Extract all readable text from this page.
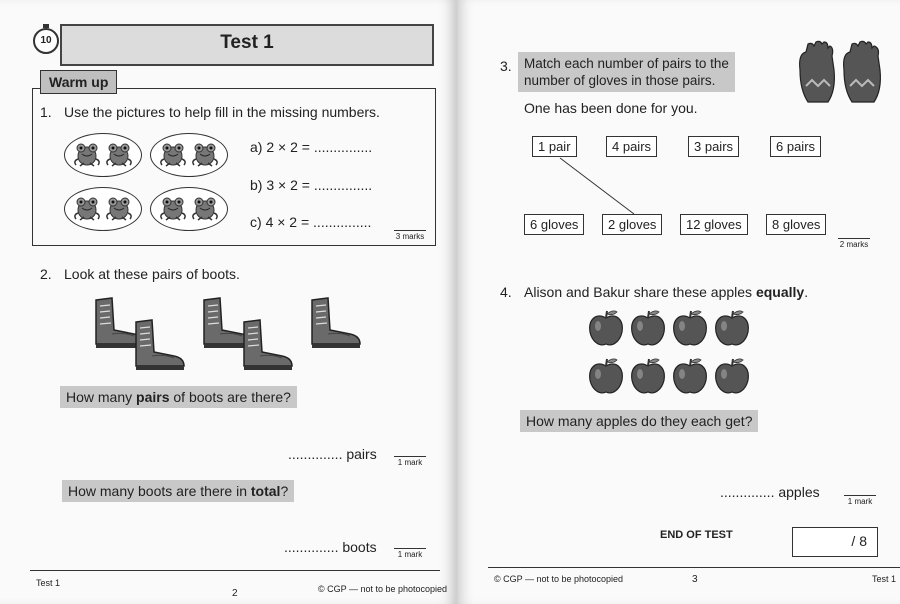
10	Test 1
Warm up
1. Use the pictures to help fill in the missing numbers.
a) 2 × 2 = ...............
b) 3 × 2 = ...............
c) 4 × 2 = ...............
3 marks
2. Look at these pairs of boots.
How many pairs of boots are there?
.............. pairs
1 mark
How many boots are there in total?
.............. boots	1 mark
Test 1
2	© CGP — not to be photocopied
3. Match each number of pairs to the
number of gloves in those pairs.
One has been done for you.
1 pair	4 pairs	3 pairs	6 pairs
6 gloves	2 gloves	12 gloves	8 gloves
2 marks
4. Alison and Bakur share these apples equally.
How many apples do they each get?
.............. apples
1 mark
END OF TEST	/ 8
© CGP — not to be photocopied	3	Test 1
